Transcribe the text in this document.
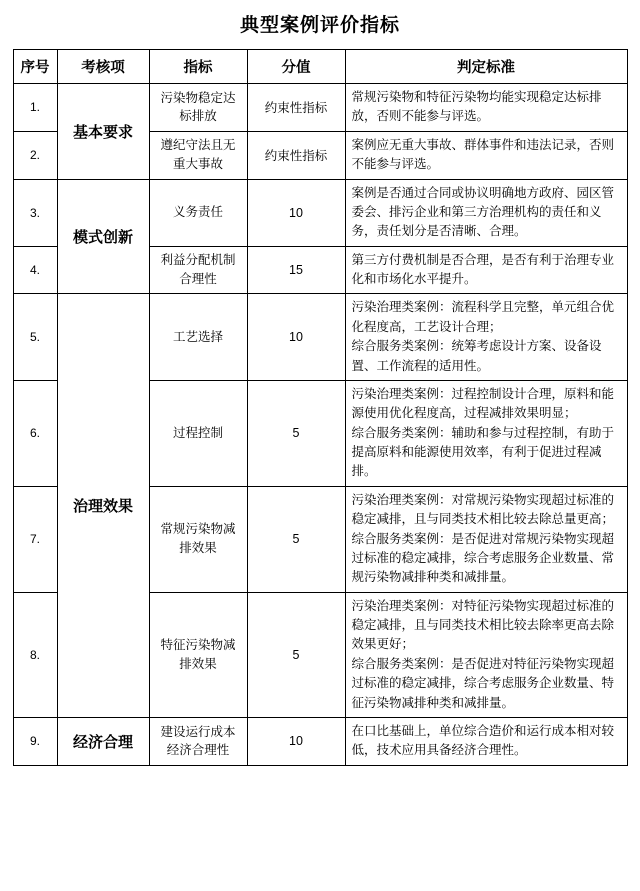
典型案例评价指标
序号	考核项	指标	分值	判定标准
1.	基本要求	污染物稳定达标排放	约束性指标	常规污染物和特征污染物均能实现稳定达标排放，否则不能参与评选。

2.		遵纪守法且无重大事故	约束性指标	案例应无重大事故、群体事件和违法记录，否则不能参与评选。

3.	模式创新	义务责任	10	案例是否通过合同或协议明确地方政府、园区管委会、排污企业和第三方治理机构的责任和义务，责任划分是否清晰、合理。

4.		利益分配机制合理性	15	第三方付费机制是否合理，是否有利于治理专业化和市场化水平提升。

5.	治理效果	工艺选择	10	污染治理类案例：流程科学且完整，单元组合优化程度高，工艺设计合理；

综合服务类案例：统筹考虑设计方案、设备设置、工作流程的适用性。

6.		过程控制	5	污染治理类案例：过程控制设计合理，原料和能源使用优化程度高，过程减排效果明显；

综合服务类案例：辅助和参与过程控制，有助于提高原料和能源使用效率，有利于促进过程减排。

7.		常规污染物减排效果	5	污染治理类案例：对常规污染物实现超过标准的稳定减排，且与同类技术相比较去除总量更高；

综合服务类案例：是否促进对常规污染物实现超过标准的稳定减排，综合考虑服务企业数量、常规污染物减排种类和减排量。

8.		特征污染物减排效果	5	污染治理类案例：对特征污染物实现超过标准的稳定减排，且与同类技术相比较去除率更高去除效果更好；

综合服务类案例：是否促进对特征污染物实现超过标准的稳定减排，综合考虑服务企业数量、特征污染物减排种类和减排量。

9.	经济合理	建设运行成本经济合理性	10	在口比基础上，单位综合造价和运行成本相对较低，技术应用具备经济合理性。
